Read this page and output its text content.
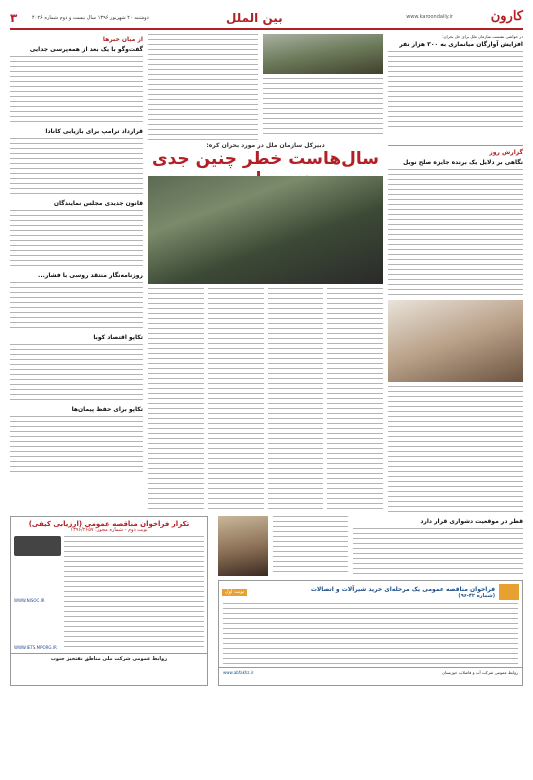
کارون
www.karoondaily.ir
بین الملل
دوشنبه ۲۰ شهریور ۱۳۹۶ سال بیست و دوم شماره ۴۰۲۶
۳
در حواشی نشست سازمان ملل برای حل بحران:
افزایش آوارگان میانماری به ۳۰۰ هزار نفر
گزارش روز
نگاهی بر دلایل یک برنده جایزه صلح نوبل
دبیرکل سازمان ملل در مورد بحران کره:
سال‌هاست خطر چنین جدی
از میان خبرها
گفت‌وگو با یک بعد از همه‌پرسی جدایی
قرارداد ترامپ برای بازیابی کانادا
قانون جدیدی مجلس نمایندگان
روزنامه‌نگار منتقد روسی با فشار...
تکاپو اقتصاد کوبا
تکاپو برای حفظ پیمان‌ها
قطر در موقعیت دشواری قرار دارد
تکرار فراخوان مناقصه عمومی (ارزیابی کیفی)
نوبت دوم - شماره مجوز: ۱۳۹۶/۲۶۵۷
WWW.NISOC.IR
WWW.IETS.MPORG.IR
روابط عمومی شرکت ملی مناطق نفتخیز جنوب
فراخوان مناقصه عمومی یک مرحله‌ای خرید شیرآلات و اتصالات
(شماره ۴۲-۹۶)
نوبت اول
روابط عمومی شرکت آب و فاضلاب خوزستان
www.abfakhz.ir
